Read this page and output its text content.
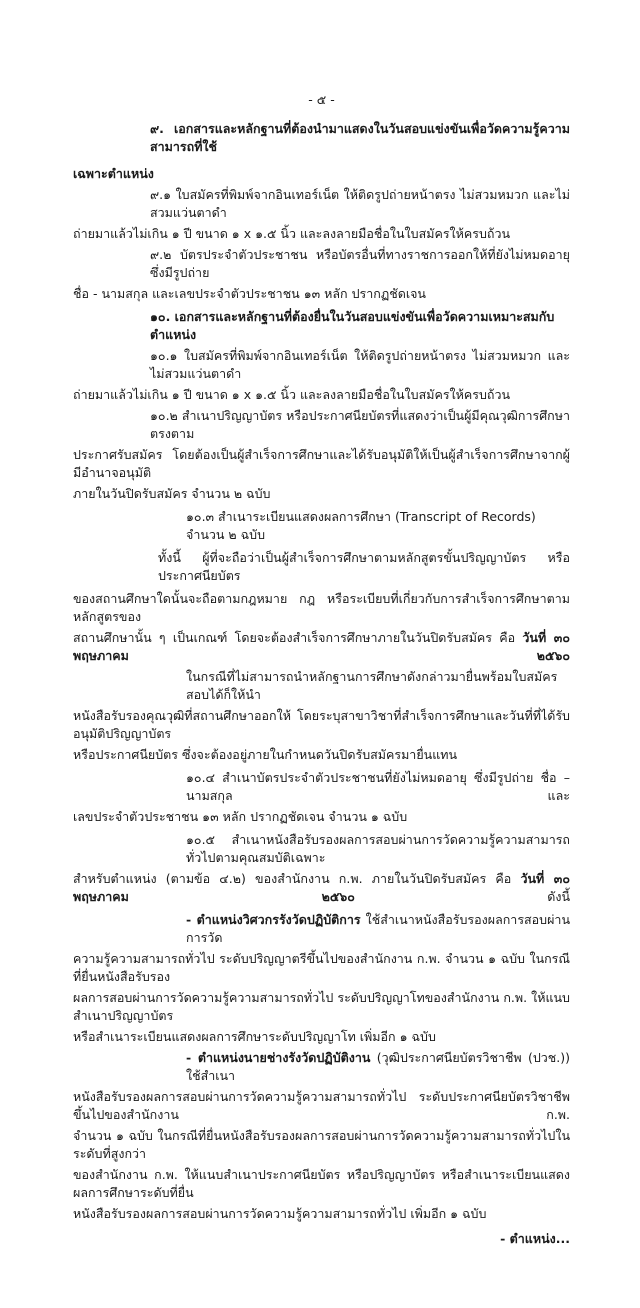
- ๕ -
๙. เอกสารและหลักฐานที่ต้องนำมาแสดงในวันสอบแข่งขันเพื่อวัดความรู้ความสามารถที่ใช้
เฉพาะตำแหน่ง
๙.๑ ใบสมัครที่พิมพ์จากอินเทอร์เน็ต ให้ติดรูปถ่ายหน้าตรง ไม่สวมหมวก และไม่สวมแว่นตาดำ
ถ่ายมาแล้วไม่เกิน ๑ ปี ขนาด ๑ x ๑.๕ นิ้ว และลงลายมือชื่อในใบสมัครให้ครบถ้วน
๙.๒ บัตรประจำตัวประชาชน หรือบัตรอื่นที่ทางราชการออกให้ที่ยังไม่หมดอายุ ซึ่งมีรูปถ่าย
ชื่อ - นามสกุล และเลขประจำตัวประชาชน ๑๓ หลัก ปรากฏชัดเจน
๑๐. เอกสารและหลักฐานที่ต้องยื่นในวันสอบแข่งขันเพื่อวัดความเหมาะสมกับตำแหน่ง
๑๐.๑ ใบสมัครที่พิมพ์จากอินเทอร์เน็ต ให้ติดรูปถ่ายหน้าตรง ไม่สวมหมวก และไม่สวมแว่นตาดำ
ถ่ายมาแล้วไม่เกิน ๑ ปี ขนาด ๑ x ๑.๕ นิ้ว และลงลายมือชื่อในใบสมัครให้ครบถ้วน
๑๐.๒ สำเนาปริญญาบัตร หรือประกาศนียบัตรที่แสดงว่าเป็นผู้มีคุณวุฒิการศึกษาตรงตาม
ประกาศรับสมัคร โดยต้องเป็นผู้สำเร็จการศึกษาและได้รับอนุมัติให้เป็นผู้สำเร็จการศึกษาจากผู้มีอำนาจอนุมัติ
ภายในวันปิดรับสมัคร จำนวน ๒ ฉบับ
๑๐.๓ สำเนาระเบียนแสดงผลการศึกษา (Transcript of Records) จำนวน ๒ ฉบับ
ทั้งนี้ ผู้ที่จะถือว่าเป็นผู้สำเร็จการศึกษาตามหลักสูตรขั้นปริญญาบัตร หรือประกาศนียบัตร
ของสถานศึกษาใดนั้นจะถือตามกฎหมาย กฎ หรือระเบียบที่เกี่ยวกับการสำเร็จการศึกษาตามหลักสูตรของ
สถานศึกษานั้น ๆ เป็นเกณฑ์ โดยจะต้องสำเร็จการศึกษาภายในวันปิดรับสมัคร คือ วันที่ ๓๐ พฤษภาคม ๒๕๖๐
ในกรณีที่ไม่สามารถนำหลักฐานการศึกษาดังกล่าวมายื่นพร้อมใบสมัครสอบได้ก็ให้นำ
หนังสือรับรองคุณวุฒิที่สถานศึกษาออกให้ โดยระบุสาขาวิชาที่สำเร็จการศึกษาและวันที่ที่ได้รับอนุมัติปริญญาบัตร
หรือประกาศนียบัตร ซึ่งจะต้องอยู่ภายในกำหนดวันปิดรับสมัครมายื่นแทน
๑๐.๔ สำเนาบัตรประจำตัวประชาชนที่ยังไม่หมดอายุ ซึ่งมีรูปถ่าย ชื่อ – นามสกุล และ
เลขประจำตัวประชาชน ๑๓ หลัก ปรากฏชัดเจน จำนวน ๑ ฉบับ
๑๐.๕ สำเนาหนังสือรับรองผลการสอบผ่านการวัดความรู้ความสามารถทั่วไปตามคุณสมบัติเฉพาะ
สำหรับตำแหน่ง (ตามข้อ ๔.๒) ของสำนักงาน ก.พ. ภายในวันปิดรับสมัคร คือ วันที่ ๓๐ พฤษภาคม ๒๕๖๐	ดังนี้
- ตำแหน่งวิศวกรรังวัดปฏิบัติการ ใช้สำเนาหนังสือรับรองผลการสอบผ่านการวัด
ความรู้ความสามารถทั่วไป ระดับปริญญาตรีขึ้นไปของสำนักงาน ก.พ. จำนวน ๑ ฉบับ ในกรณีที่ยื่นหนังสือรับรอง
ผลการสอบผ่านการวัดความรู้ความสามารถทั่วไป ระดับปริญญาโทของสำนักงาน ก.พ. ให้แนบสำเนาปริญญาบัตร
หรือสำเนาระเบียนแสดงผลการศึกษาระดับปริญญาโท เพิ่มอีก ๑ ฉบับ
- ตำแหน่งนายช่างรังวัดปฏิบัติงาน (วุฒิประกาศนียบัตรวิชาชีพ (ปวช.)) ใช้สำเนา
หนังสือรับรองผลการสอบผ่านการวัดความรู้ความสามารถทั่วไป ระดับประกาศนียบัตรวิชาชีพขึ้นไปของสำนักงาน ก.พ.
จำนวน ๑ ฉบับ ในกรณีที่ยื่นหนังสือรับรองผลการสอบผ่านการวัดความรู้ความสามารถทั่วไปในระดับที่สูงกว่า
ของสำนักงาน ก.พ. ให้แนบสำเนาประกาศนียบัตร หรือปริญญาบัตร หรือสำเนาระเบียนแสดงผลการศึกษาระดับที่ยื่น
หนังสือรับรองผลการสอบผ่านการวัดความรู้ความสามารถทั่วไป เพิ่มอีก ๑ ฉบับ
- ตำแหน่ง...
